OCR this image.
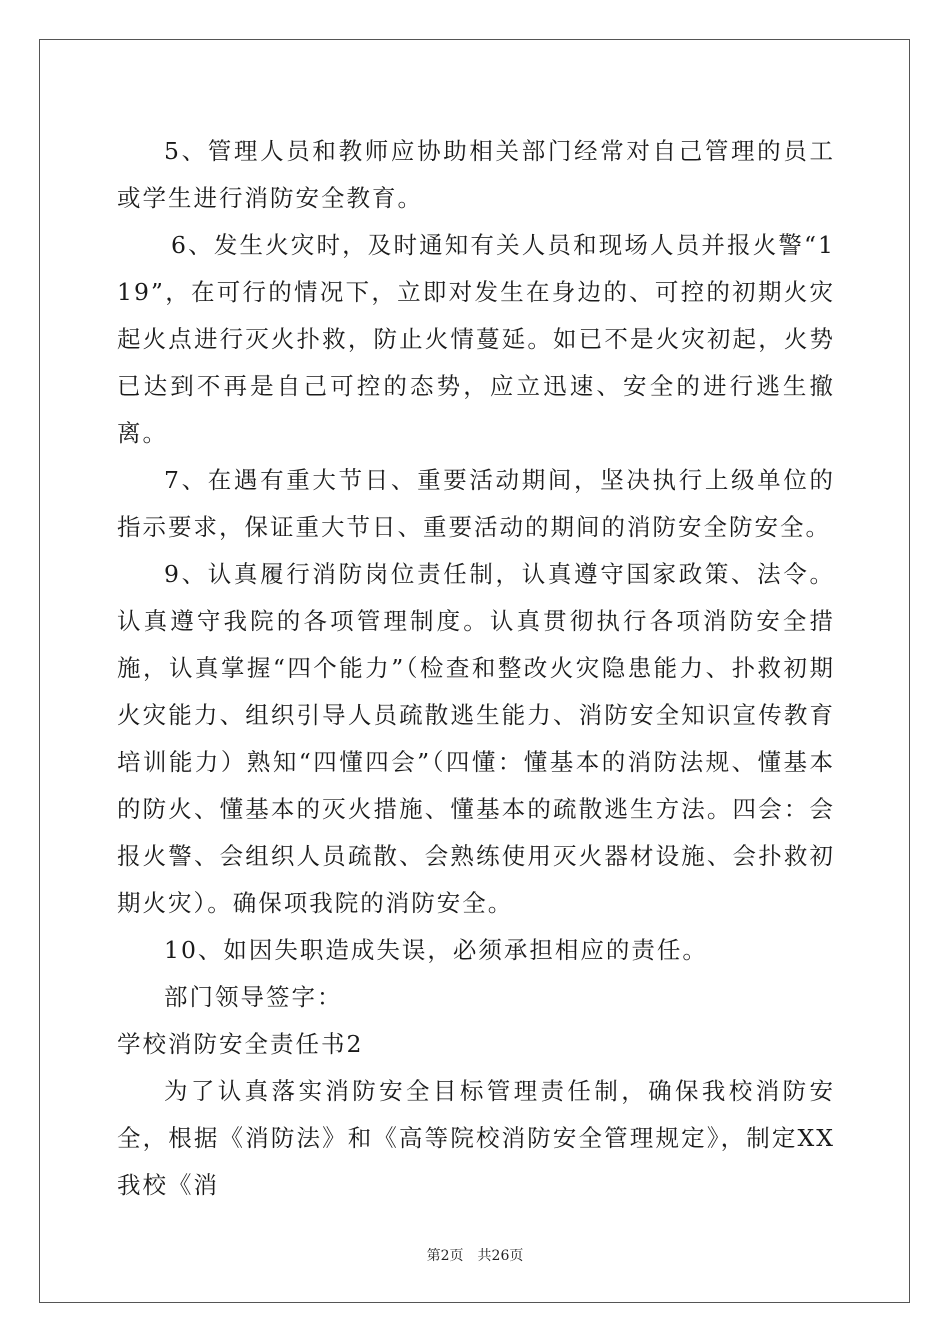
5、管理人员和教师应协助相关部门经常对自己管理的员工或学生进行消防安全教育。

6、发生火灾时，及时通知有关人员和现场人员并报火警“119”，在可行的情况下，立即对发生在身边的、可控的初期火灾起火点进行灭火扑救，防止火情蔓延。如已不是火灾初起，火势已达到不再是自己可控的态势，应立迅速、安全的进行逃生撤离。

7、在遇有重大节日、重要活动期间，坚决执行上级单位的指示要求，保证重大节日、重要活动的期间的消防安全防安全。

9、认真履行消防岗位责任制，认真遵守国家政策、法令。认真遵守我院的各项管理制度。认真贯彻执行各项消防安全措施，认真掌握“四个能力”（检查和整改火灾隐患能力、扑救初期火灾能力、组织引导人员疏散逃生能力、消防安全知识宣传教育培训能力）熟知“四懂四会”（四懂：懂基本的消防法规、懂基本的防火、懂基本的灭火措施、懂基本的疏散逃生方法。四会：会报火警、会组织人员疏散、会熟练使用灭火器材设施、会扑救初期火灾）。确保项我院的消防安全。

10、如因失职造成失误，必须承担相应的责任。

部门领导签字：

学校消防安全责任书2

为了认真落实消防安全目标管理责任制，确保我校消防安全，根据《消防法》和《高等院校消防安全管理规定》，制定XX我校《消

第2页 共26页
